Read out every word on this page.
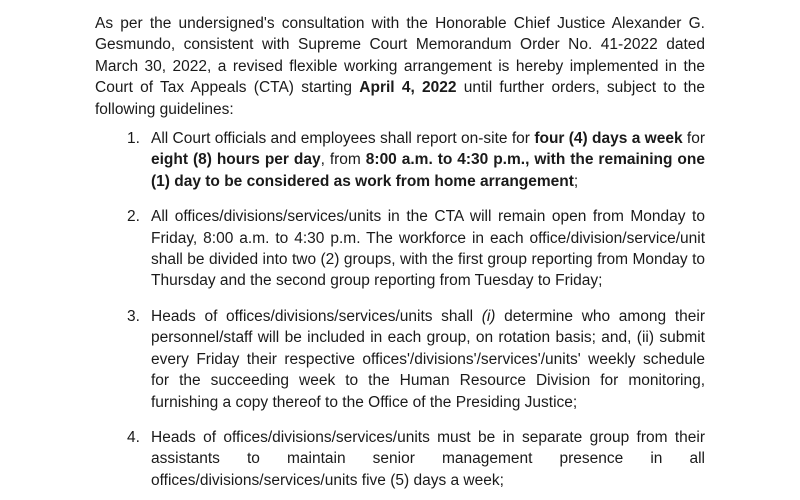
As per the undersigned's consultation with the Honorable Chief Justice Alexander G. Gesmundo, consistent with Supreme Court Memorandum Order No. 41-2022 dated March 30, 2022, a revised flexible working arrangement is hereby implemented in the Court of Tax Appeals (CTA) starting April 4, 2022 until further orders, subject to the following guidelines:

1. All Court officials and employees shall report on-site for four (4) days a week for eight (8) hours per day, from 8:00 a.m. to 4:30 p.m., with the remaining one (1) day to be considered as work from home arrangement;
2. All offices/divisions/services/units in the CTA will remain open from Monday to Friday, 8:00 a.m. to 4:30 p.m. The workforce in each office/division/service/unit shall be divided into two (2) groups, with the first group reporting from Monday to Thursday and the second group reporting from Tuesday to Friday;
3. Heads of offices/divisions/services/units shall (i) determine who among their personnel/staff will be included in each group, on rotation basis; and, (ii) submit every Friday their respective offices'/divisions'/services'/units' weekly schedule for the succeeding week to the Human Resource Division for monitoring, furnishing a copy thereof to the Office of the Presiding Justice;
4. Heads of offices/divisions/services/units must be in separate group from their assistants to maintain senior management presence in all offices/divisions/services/units five (5) days a week;
